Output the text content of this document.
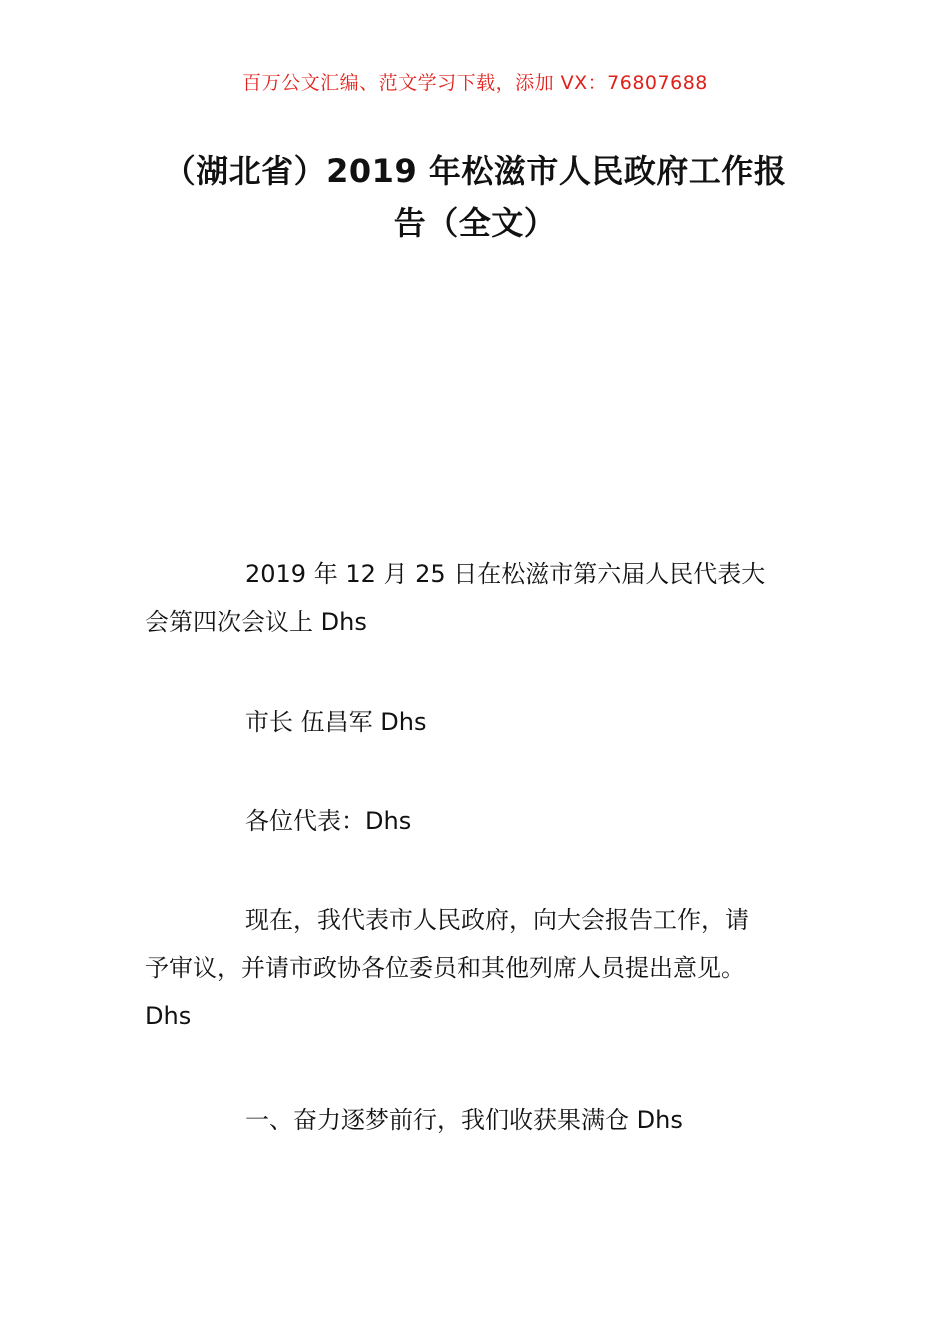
百万公文汇编、范文学习下载，添加 VX：76807688
（湖北省）2019 年松滋市人民政府工作报
告（全文）
2019 年 12 月 25 日在松滋市第六届人民代表大
会第四次会议上 Dhs
市长 伍昌军 Dhs
各位代表：Dhs
现在，我代表市人民政府，向大会报告工作，请
予审议，并请市政协各位委员和其他列席人员提出意见。
Dhs
一、奋力逐梦前行，我们收获果满仓 Dhs
